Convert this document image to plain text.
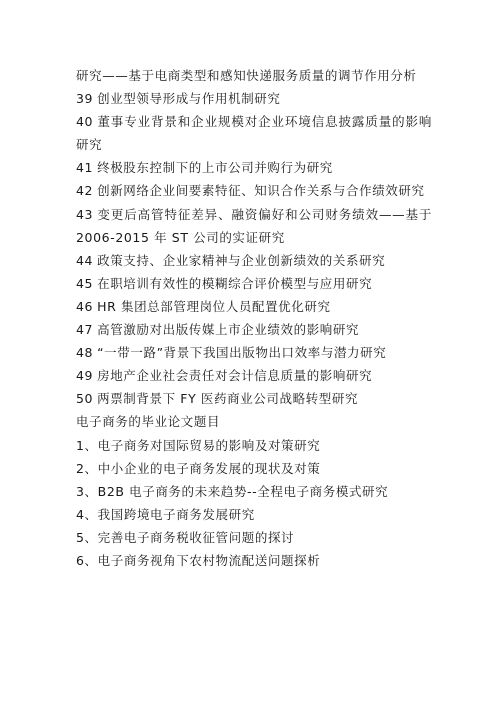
研究——基于电商类型和感知快递服务质量的调节作用分析
39 创业型领导形成与作用机制研究
40 董事专业背景和企业规模对企业环境信息披露质量的影响研究
41 终极股东控制下的上市公司并购行为研究
42 创新网络企业间要素特征、知识合作关系与合作绩效研究
43 变更后高管特征差异、融资偏好和公司财务绩效——基于 2006-2015 年 ST 公司的实证研究
44 政策支持、企业家精神与企业创新绩效的关系研究
45 在职培训有效性的模糊综合评价模型与应用研究
46 HR 集团总部管理岗位人员配置优化研究
47 高管激励对出版传媒上市企业绩效的影响研究
48 “一带一路”背景下我国出版物出口效率与潜力研究
49 房地产企业社会责任对会计信息质量的影响研究
50 两票制背景下 FY 医药商业公司战略转型研究
电子商务的毕业论文题目
1、电子商务对国际贸易的影响及对策研究
2、中小企业的电子商务发展的现状及对策
3、B2B 电子商务的未来趋势--全程电子商务模式研究
4、我国跨境电子商务发展研究
5、完善电子商务税收征管问题的探讨
6、电子商务视角下农村物流配送问题探析
